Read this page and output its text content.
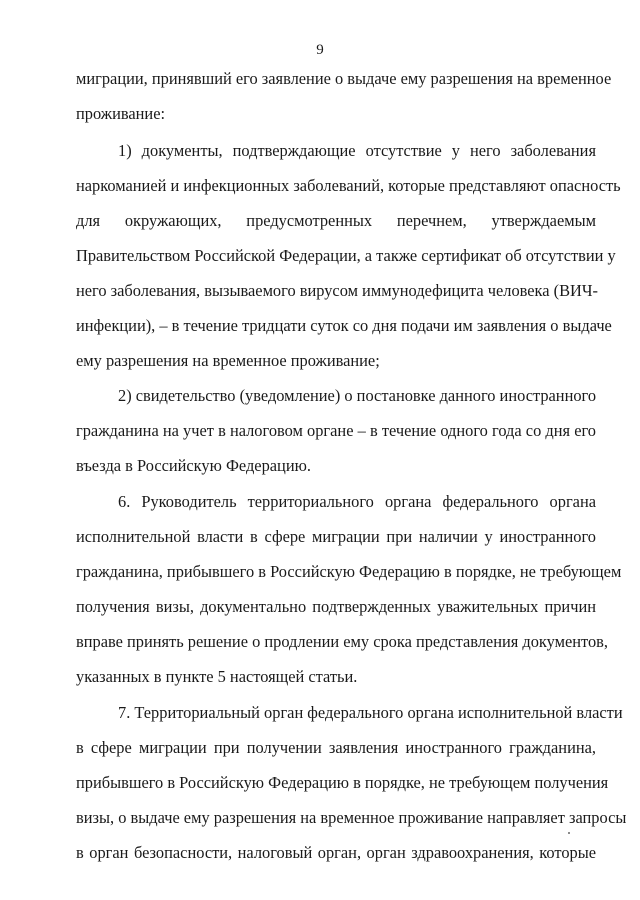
9
миграции, принявший его заявление о выдаче ему разрешения на временное
проживание:
1) документы, подтверждающие отсутствие у него заболевания
наркоманией и инфекционных заболеваний, которые представляют опасность
для окружающих, предусмотренных перечнем, утверждаемым
Правительством Российской Федерации, а также сертификат об отсутствии у
него заболевания, вызываемого вирусом иммунодефицита человека (ВИЧ-
инфекции), – в течение тридцати суток со дня подачи им заявления о выдаче
ему разрешения на временное проживание;
2) свидетельство (уведомление) о постановке данного иностранного
гражданина на учет в налоговом органе – в течение одного года со дня его
въезда в Российскую Федерацию.
6. Руководитель территориального органа федерального органа
исполнительной власти в сфере миграции при наличии у иностранного
гражданина, прибывшего в Российскую Федерацию в порядке, не требующем
получения визы, документально подтвержденных уважительных причин
вправе принять решение о продлении ему срока представления документов,
указанных в пункте 5 настоящей статьи.
7. Территориальный орган федерального органа исполнительной власти
в сфере миграции при получении заявления иностранного гражданина,
прибывшего в Российскую Федерацию в порядке, не требующем получения
визы, о выдаче ему разрешения на временное проживание направляет запросы
в орган безопасности, налоговый орган, орган здравоохранения, которые
